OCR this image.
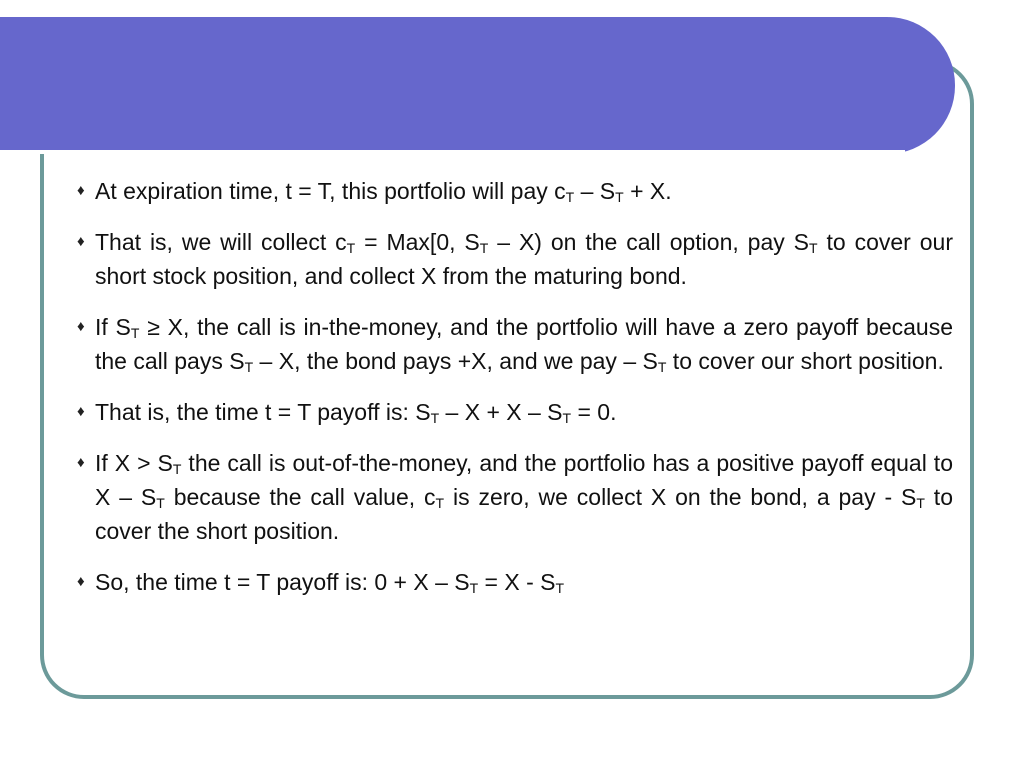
♦ At expiration time, t = T, this portfolio will pay $c_T - S_T + X$.
♦ That is, we will collect $c_T = Max[0$, $S_T - X$) on the call option, pay $S_T$ to cover our short stock position, and collect X from the maturing bond.
♦ If $S_T \ge X$, the call is in-the-money, and the portfolio will have a zero payoff because the call pays $S_T$ – X, the bond pays +X, and we pay – $S_T$ to cover our short position.
♦ That is, the time t = T payoff is: $S_T - X + X - S_T = 0$.
♦ If $X > S_T$ the call is out-of-the-money, and the portfolio has a positive payoff equal to X – $S_T$ because the call value, $c_T$ is zero, we collect X on the bond, a pay - $S_T$ to cover the short position.
♦ So, the time t = T payoff is: $0 + X - S_T = X - S_T$
